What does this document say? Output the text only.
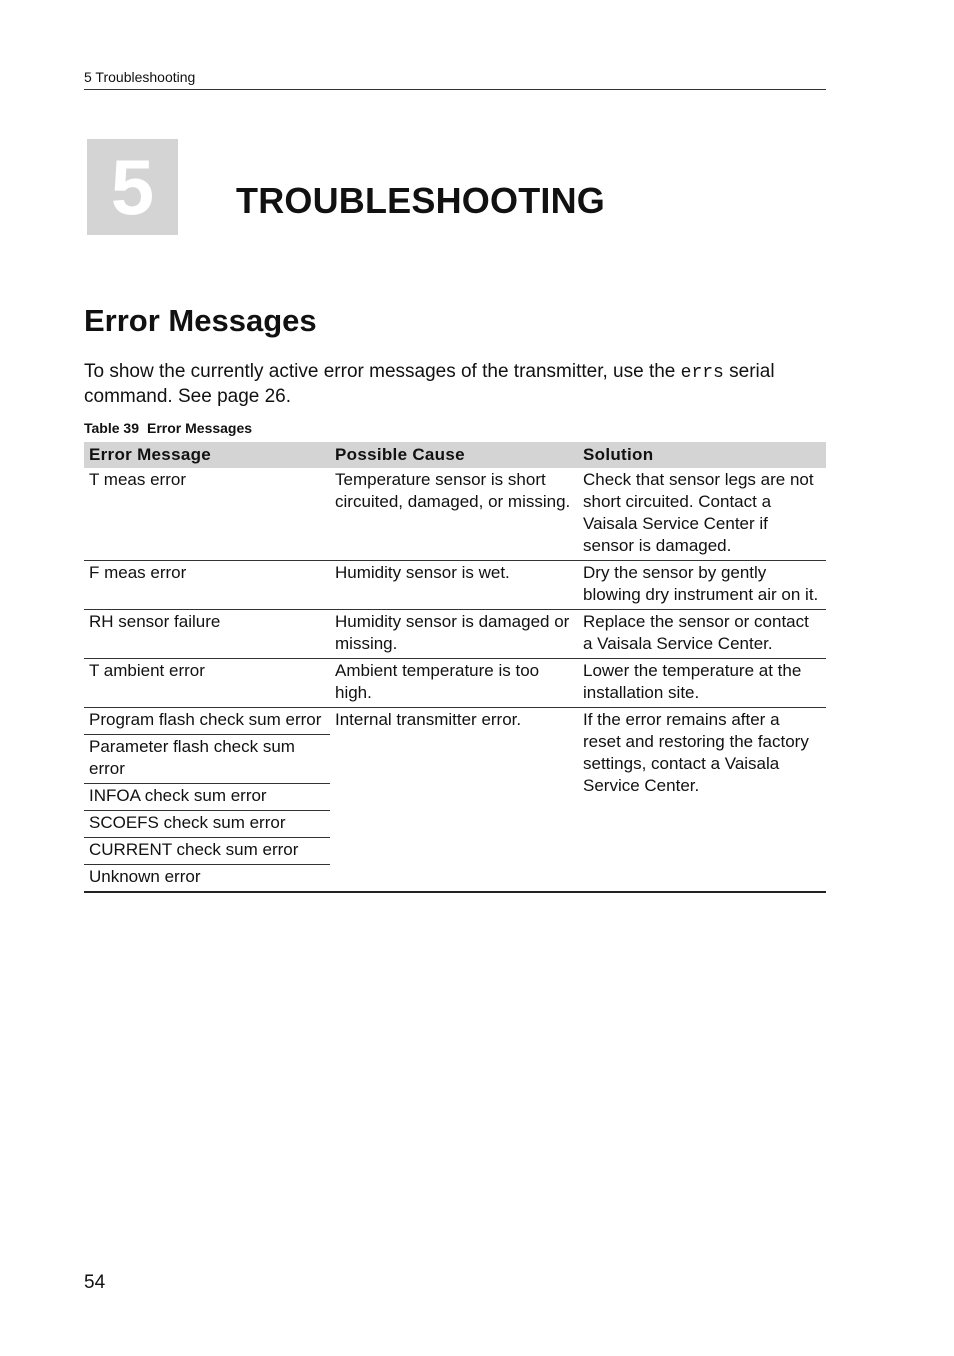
5 Troubleshooting
5 TROUBLESHOOTING
Error Messages

To show the currently active error messages of the transmitter, use the errs serial command. See page 26.

Table 39 Error Messages
Error Message	Possible Cause	Solution
T meas error	Temperature sensor is short circuited, damaged, or missing.	Check that sensor legs are not short circuited. Contact a Vaisala Service Center if sensor is damaged.
F meas error	Humidity sensor is wet.	Dry the sensor by gently blowing dry instrument air on it.
RH sensor failure	Humidity sensor is damaged or missing.	Replace the sensor or contact a Vaisala Service Center.
T ambient error	Ambient temperature is too high.	Lower the temperature at the installation site.
Program flash check sum error	Internal transmitter error.	If the error remains after a reset and restoring the factory settings, contact a Vaisala Service Center.
Parameter flash check sum error		
INFOA check sum error		
SCOEFS check sum error		
CURRENT check sum error		
Unknown error		
54
